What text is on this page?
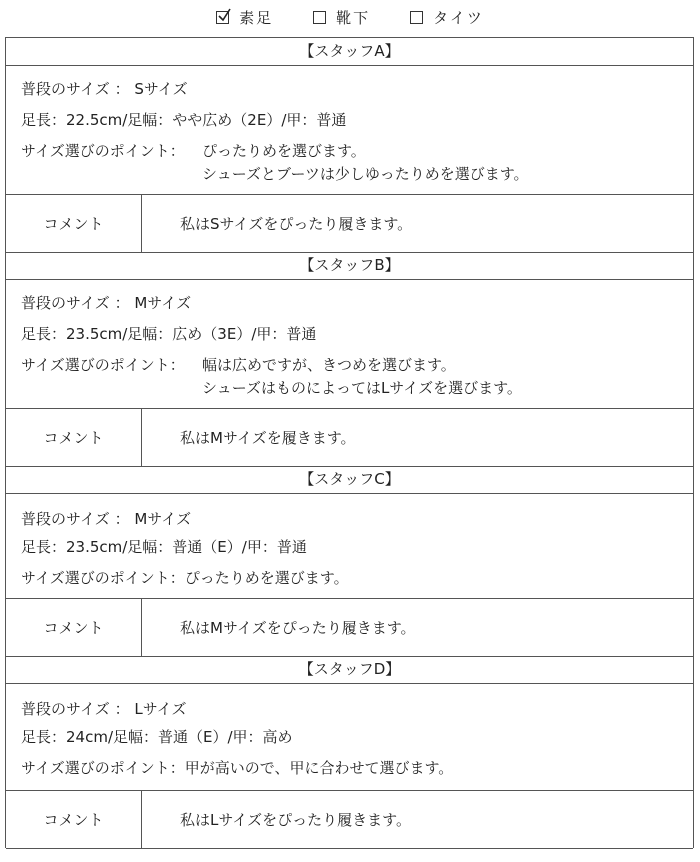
素足	靴下	タイツ
【スタッフA】
普段のサイズ ： Sサイズ
足長：22.5cm/足幅：やや広め（2E）/甲：普通
サイズ選びのポイント： ぴったりめを選びます。
シューズとブーツは少しゆったりめを選びます。
コメント	私はSサイズをぴったり履きます。
【スタッフB】
普段のサイズ ： Mサイズ
足長：23.5cm/足幅：広め（3E）/甲：普通
サイズ選びのポイント： 幅は広めですが、きつめを選びます。
シューズはものによってはLサイズを選びます。
コメント	私はMサイズを履きます。
【スタッフC】
普段のサイズ ： Mサイズ
足長：23.5cm/足幅：普通（E）/甲：普通
サイズ選びのポイント：ぴったりめを選びます。
コメント	私はMサイズをぴったり履きます。
【スタッフD】
普段のサイズ ： Lサイズ
足長：24cm/足幅：普通（E）/甲：高め
サイズ選びのポイント：甲が高いので、甲に合わせて選びます。
コメント	私はLサイズをぴったり履きます。
